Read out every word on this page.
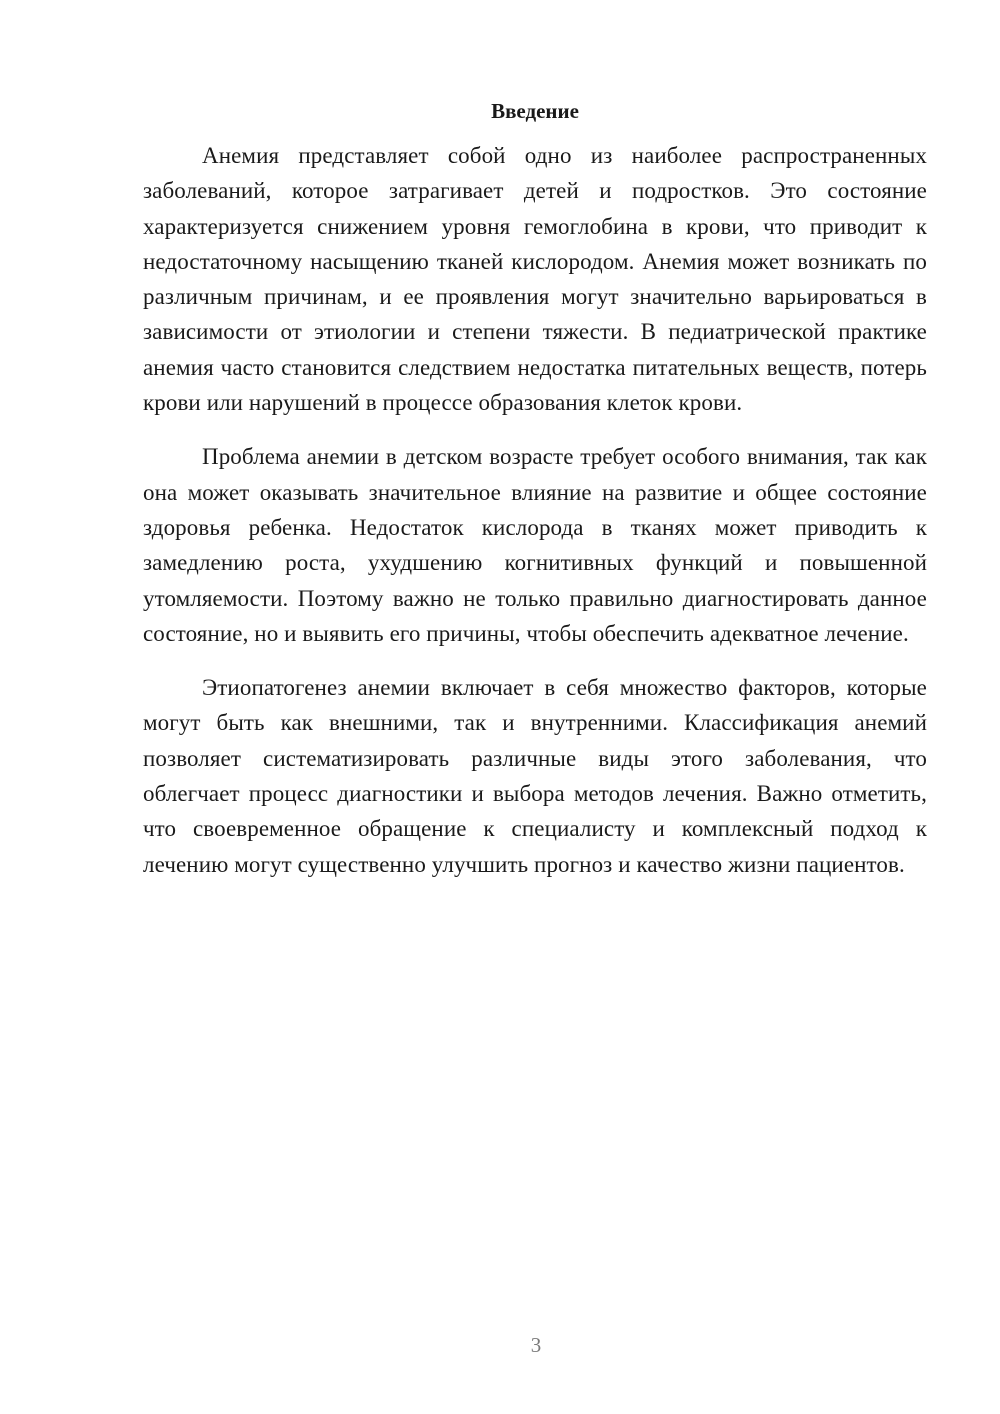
Введение

Анемия представляет собой одно из наиболее распространенных заболеваний, которое затрагивает детей и подростков. Это состояние характеризуется снижением уровня гемоглобина в крови, что приводит к недостаточному насыщению тканей кислородом. Анемия может возникать по различным причинам, и ее проявления могут значительно варьироваться в зависимости от этиологии и степени тяжести. В педиатрической практике анемия часто становится следствием недостатка питательных веществ, потерь крови или нарушений в процессе образования клеток крови.

Проблема анемии в детском возрасте требует особого внимания, так как она может оказывать значительное влияние на развитие и общее состояние здоровья ребенка. Недостаток кислорода в тканях может приводить к замедлению роста, ухудшению когнитивных функций и повышенной утомляемости. Поэтому важно не только правильно диагностировать данное состояние, но и выявить его причины, чтобы обеспечить адекватное лечение.

Этиопатогенез анемии включает в себя множество факторов, которые могут быть как внешними, так и внутренними. Классификация анемий позволяет систематизировать различные виды этого заболевания, что облегчает процесс диагностики и выбора методов лечения. Важно отметить, что своевременное обращение к специалисту и комплексный подход к лечению могут существенно улучшить прогноз и качество жизни пациентов.

3
